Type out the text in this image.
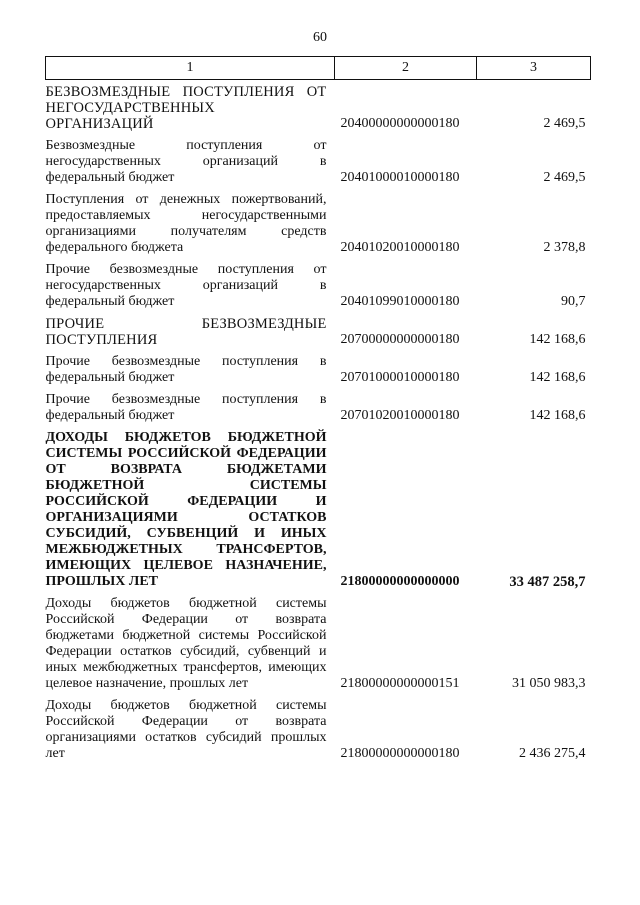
60
1	2	3
БЕЗВОЗМЕЗДНЫЕ ПОСТУПЛЕНИЯ ОТ НЕГОСУДАРСТВЕННЫХ ОРГАНИЗАЦИЙ	20400000000000180	2 469,5
Безвозмездные поступления от негосударственных организаций в федеральный бюджет	20401000010000180	2 469,5
Поступления от денежных пожертвований, предоставляемых негосударственными организациями получателям средств федерального бюджета	20401020010000180	2 378,8
Прочие безвозмездные поступления от негосударственных организаций в федеральный бюджет	20401099010000180	90,7
ПРОЧИЕ БЕЗВОЗМЕЗДНЫЕ ПОСТУПЛЕНИЯ	20700000000000180	142 168,6
Прочие безвозмездные поступления в федеральный бюджет	20701000010000180	142 168,6
Прочие безвозмездные поступления в федеральный бюджет	20701020010000180	142 168,6
ДОХОДЫ БЮДЖЕТОВ БЮДЖЕТНОЙ СИСТЕМЫ РОССИЙСКОЙ ФЕДЕРАЦИИ ОТ ВОЗВРАТА БЮДЖЕТАМИ БЮДЖЕТНОЙ СИСТЕМЫ РОССИЙСКОЙ ФЕДЕРАЦИИ И ОРГАНИЗАЦИЯМИ ОСТАТКОВ СУБСИДИЙ, СУБВЕНЦИЙ И ИНЫХ МЕЖБЮДЖЕТНЫХ ТРАНСФЕРТОВ, ИМЕЮЩИХ ЦЕЛЕВОЕ НАЗНАЧЕНИЕ, ПРОШЛЫХ ЛЕТ	21800000000000000	33 487 258,7
Доходы бюджетов бюджетной системы Российской Федерации от возврата бюджетами бюджетной системы Российской Федерации остатков субсидий, субвенций и иных межбюджетных трансфертов, имеющих целевое назначение, прошлых лет	21800000000000151	31 050 983,3
Доходы бюджетов бюджетной системы Российской Федерации от возврата организациями остатков субсидий прошлых лет	21800000000000180	2 436 275,4
